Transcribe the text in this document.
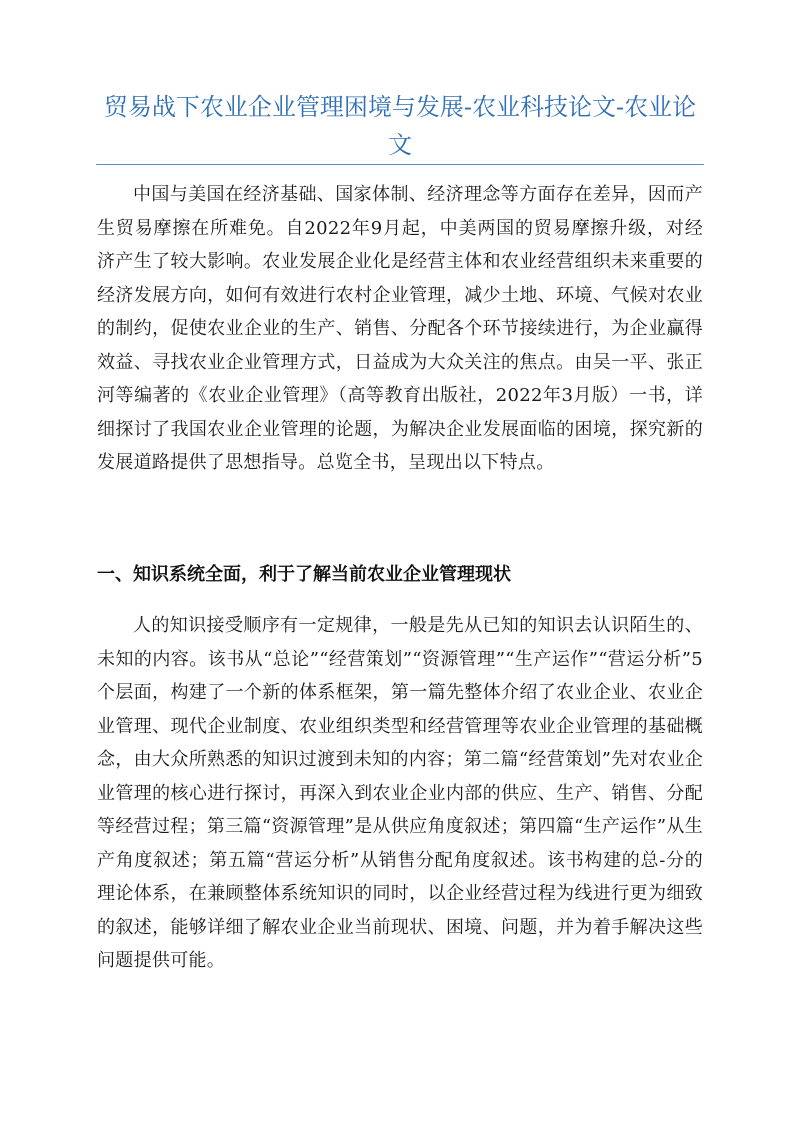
贸易战下农业企业管理困境与发展-农业科技论文-农业论文

中国与美国在经济基础、国家体制、经济理念等方面存在差异，因而产生贸易摩擦在所难免。自2022年9月起，中美两国的贸易摩擦升级，对经济产生了较大影响。农业发展企业化是经营主体和农业经营组织未来重要的经济发展方向，如何有效进行农村企业管理，减少土地、环境、气候对农业的制约，促使农业企业的生产、销售、分配各个环节接续进行，为企业赢得效益、寻找农业企业管理方式，日益成为大众关注的焦点。由吴一平、张正河等编著的《农业企业管理》（高等教育出版社，2022年3月版）一书，详细探讨了我国农业企业管理的论题，为解决企业发展面临的困境，探究新的发展道路提供了思想指导。总览全书，呈现出以下特点。

一、知识系统全面，利于了解当前农业企业管理现状

人的知识接受顺序有一定规律，一般是先从已知的知识去认识陌生的、未知的内容。该书从“总论”“经营策划”“资源管理”“生产运作”“营运分析”5个层面，构建了一个新的体系框架，第一篇先整体介绍了农业企业、农业企业管理、现代企业制度、农业组织类型和经营管理等农业企业管理的基础概念，由大众所熟悉的知识过渡到未知的内容；第二篇“经营策划”先对农业企业管理的核心进行探讨，再深入到农业企业内部的供应、生产、销售、分配等经营过程；第三篇“资源管理”是从供应角度叙述；第四篇“生产运作”从生产角度叙述；第五篇“营运分析”从销售分配角度叙述。该书构建的总-分的理论体系，在兼顾整体系统知识的同时，以企业经营过程为线进行更为细致的叙述，能够详细了解农业企业当前现状、困境、问题，并为着手解决这些问题提供可能。
